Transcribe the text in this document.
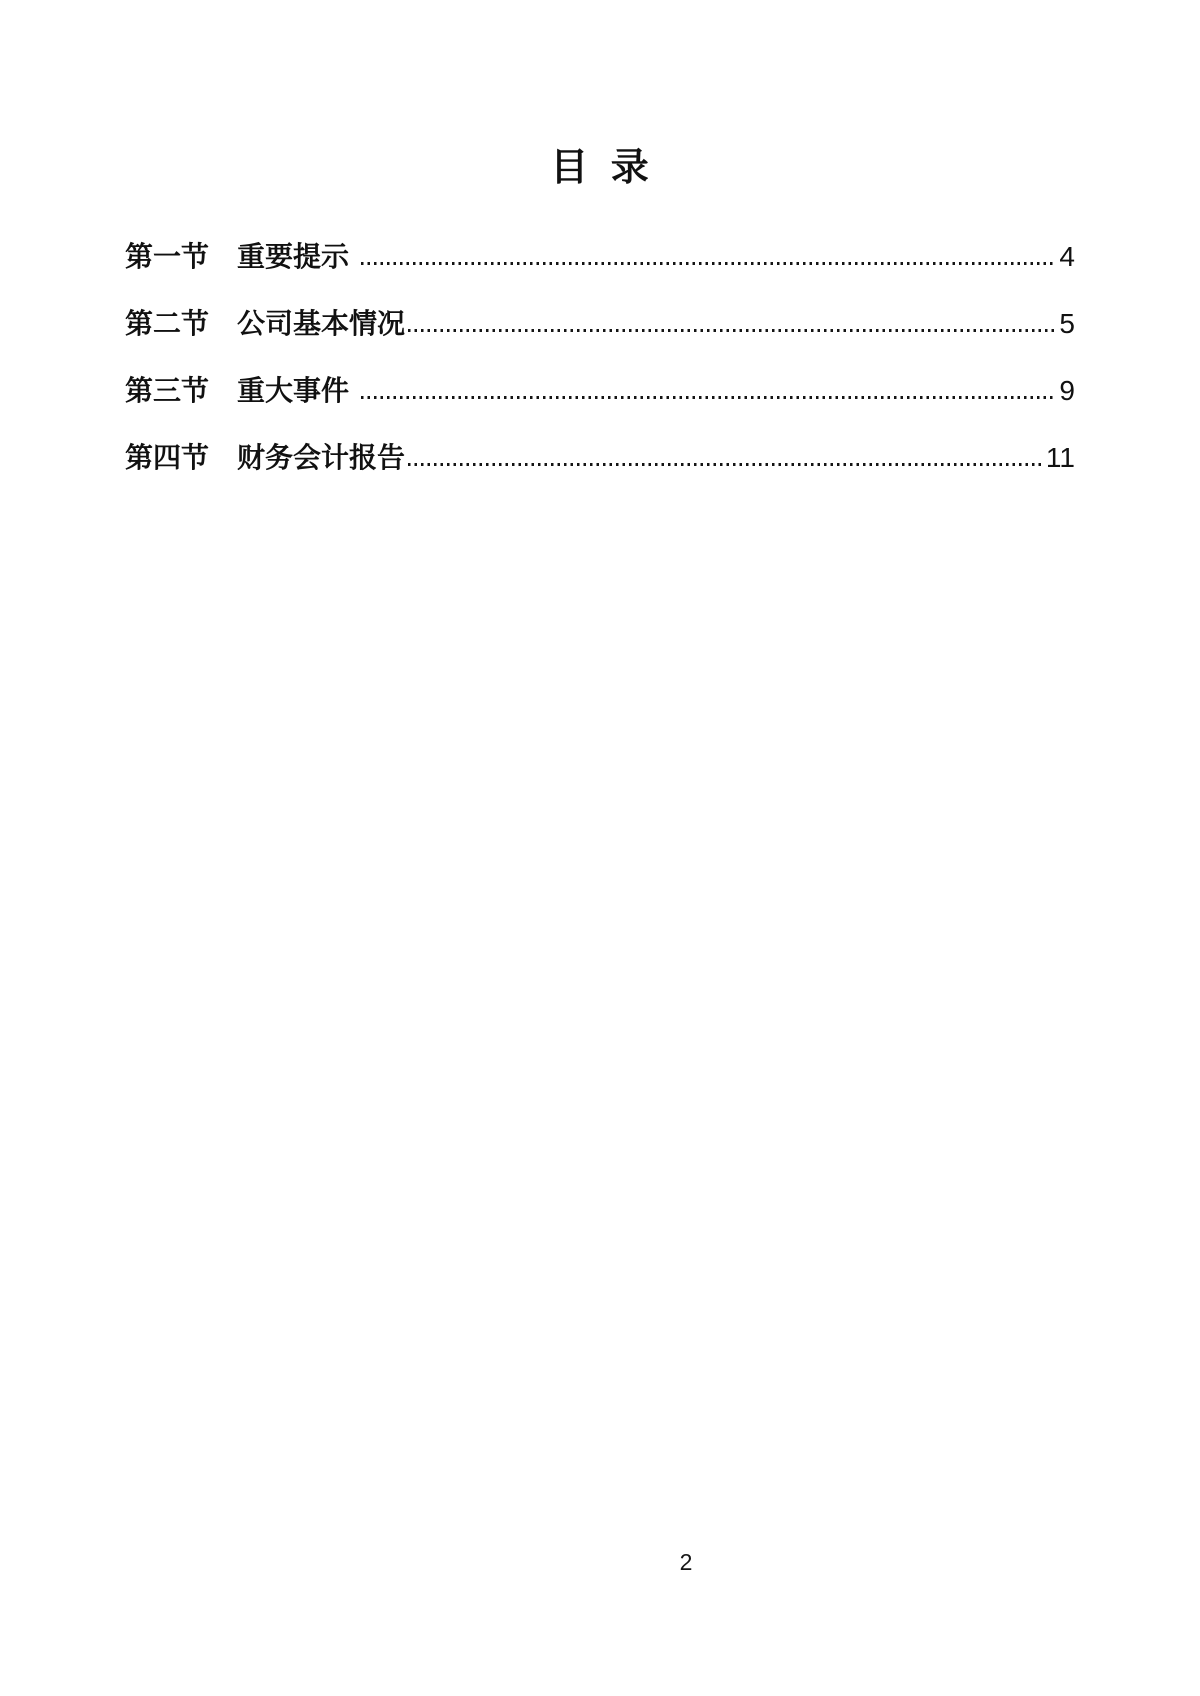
目 录
第一节 重要提示	4
第二节 公司基本情况	5
第三节 重大事件	9
第四节 财务会计报告	11
2
